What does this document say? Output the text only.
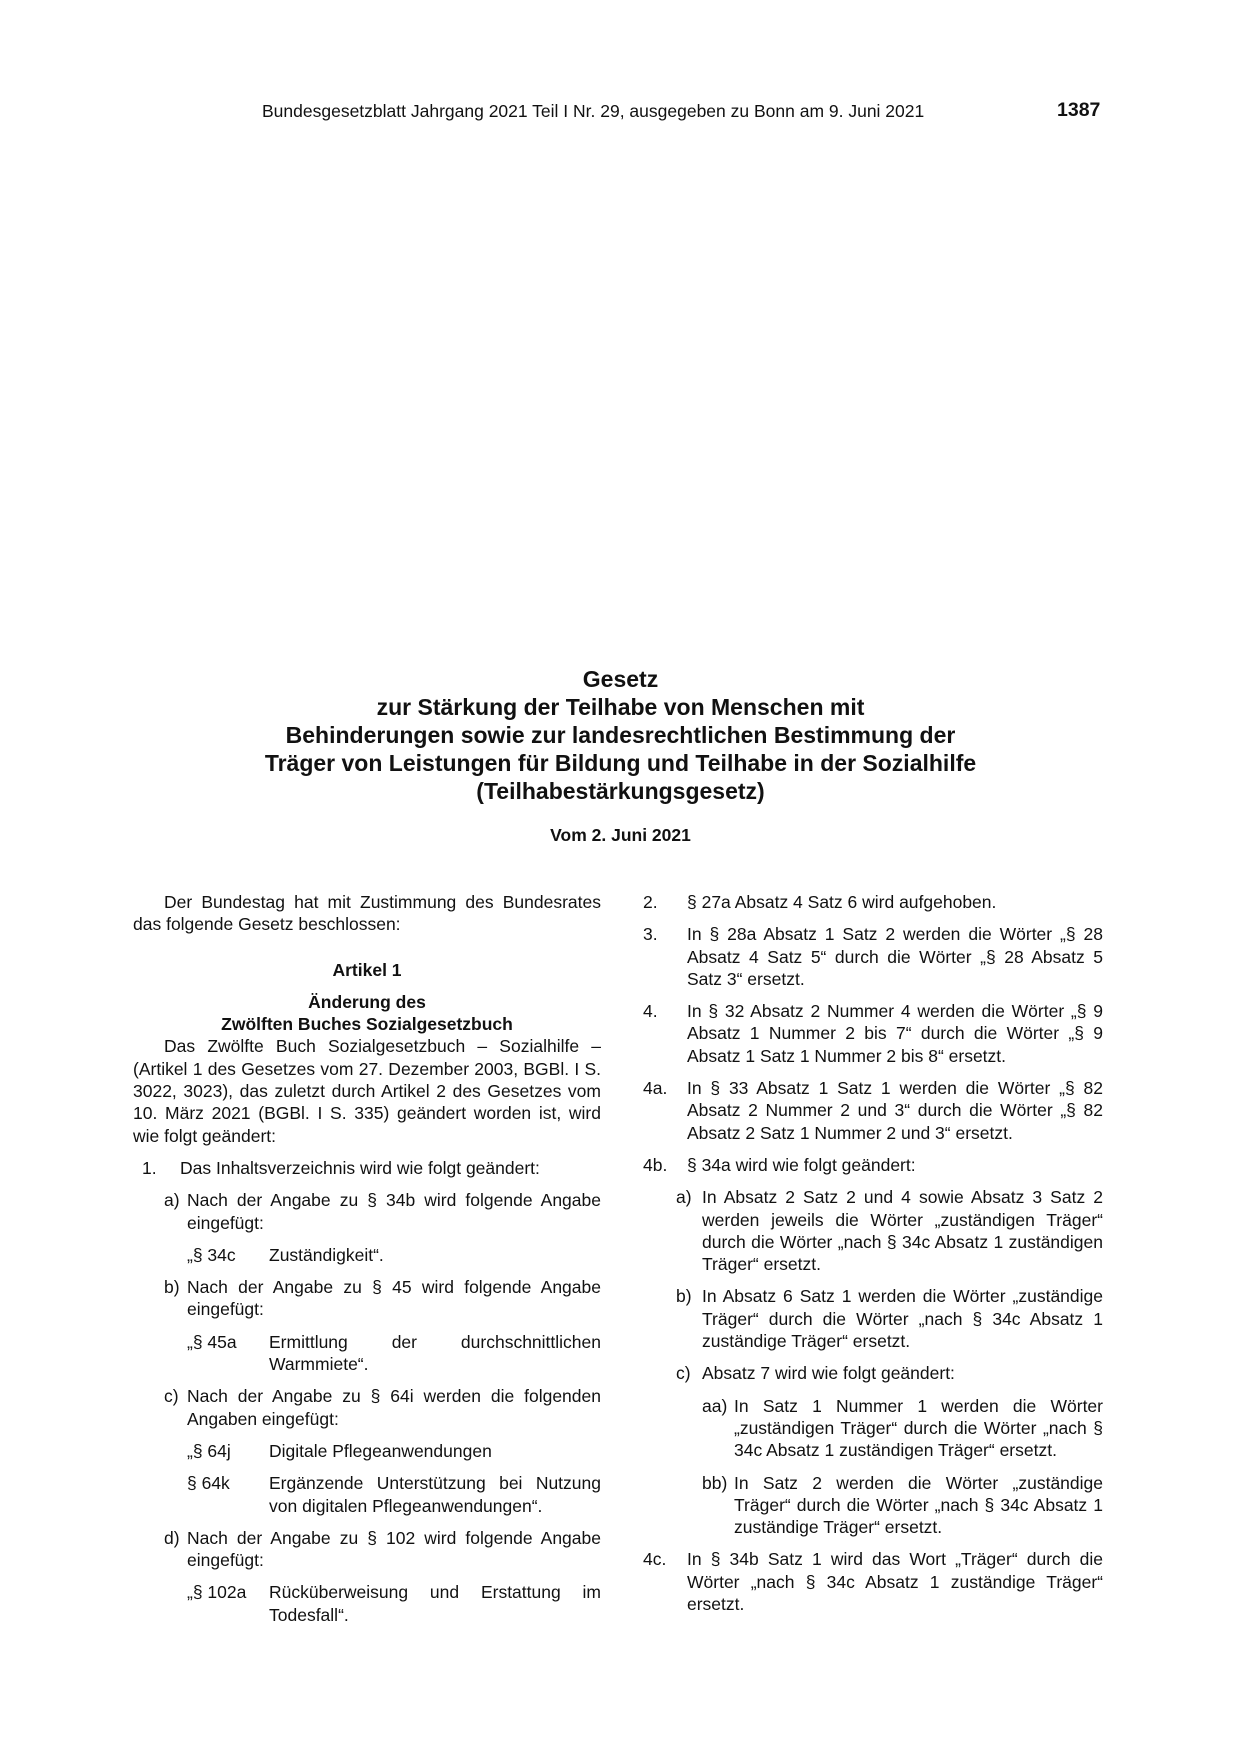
Bundesgesetzblatt Jahrgang 2021 Teil I Nr. 29, ausgegeben zu Bonn am 9. Juni 2021	1387
Gesetz
zur Stärkung der Teilhabe von Menschen mit
Behinderungen sowie zur landesrechtlichen Bestimmung der
Träger von Leistungen für Bildung und Teilhabe in der Sozialhilfe
(Teilhabestärkungsgesetz)
Vom 2. Juni 2021

Der Bundestag hat mit Zustimmung des Bundesrates das folgende Gesetz beschlossen:

Artikel 1

Änderung des

Zwölften Buches Sozialgesetzbuch

Das Zwölfte Buch Sozialgesetzbuch – Sozialhilfe – (Artikel 1 des Gesetzes vom 27. Dezember 2003, BGBl. I S. 3022, 3023), das zuletzt durch Artikel 2 des Gesetzes vom 10. März 2021 (BGBl. I S. 335) geändert worden ist, wird wie folgt geändert:

1. Das Inhaltsverzeichnis wird wie folgt geändert:
a) Nach der Angabe zu § 34b wird folgende Angabe eingefügt:

„§ 34c	Zuständigkeit“.
b) Nach der Angabe zu § 45 wird folgende Angabe eingefügt:

„§ 45a	Ermittlung der durchschnittlichen Warmmiete“.
c) Nach der Angabe zu § 64i werden die folgenden Angaben eingefügt:

„§ 64j	Digitale Pflegeanwendungen
§ 64k	Ergänzende Unterstützung bei Nutzung von digitalen Pflegeanwendungen“.
d) Nach der Angabe zu § 102 wird folgende Angabe eingefügt:

„§ 102a	Rücküberweisung und Erstattung im Todesfall“.
2. § 27a Absatz 4 Satz 6 wird aufgehoben.

3. In § 28a Absatz 1 Satz 2 werden die Wörter „§ 28 Absatz 4 Satz 5“ durch die Wörter „§ 28 Absatz 5 Satz 3“ ersetzt.

4. In § 32 Absatz 2 Nummer 4 werden die Wörter „§ 9 Absatz 1 Nummer 2 bis 7“ durch die Wörter „§ 9 Absatz 1 Satz 1 Nummer 2 bis 8“ ersetzt.

4a. In § 33 Absatz 1 Satz 1 werden die Wörter „§ 82 Absatz 2 Nummer 2 und 3“ durch die Wörter „§ 82 Absatz 2 Satz 1 Nummer 2 und 3“ ersetzt.

4b. § 34a wird wie folgt geändert:

a) In Absatz 2 Satz 2 und 4 sowie Absatz 3 Satz 2 werden jeweils die Wörter „zuständigen Träger“ durch die Wörter „nach § 34c Absatz 1 zuständigen Träger“ ersetzt.

b) In Absatz 6 Satz 1 werden die Wörter „zuständige Träger“ durch die Wörter „nach § 34c Absatz 1 zuständige Träger“ ersetzt.

c) Absatz 7 wird wie folgt geändert:

aa) In Satz 1 Nummer 1 werden die Wörter „zuständigen Träger“ durch die Wörter „nach § 34c Absatz 1 zuständigen Träger“ ersetzt.

bb) In Satz 2 werden die Wörter „zuständige Träger“ durch die Wörter „nach § 34c Absatz 1 zuständige Träger“ ersetzt.

4c. In § 34b Satz 1 wird das Wort „Träger“ durch die Wörter „nach § 34c Absatz 1 zuständige Träger“ ersetzt.
